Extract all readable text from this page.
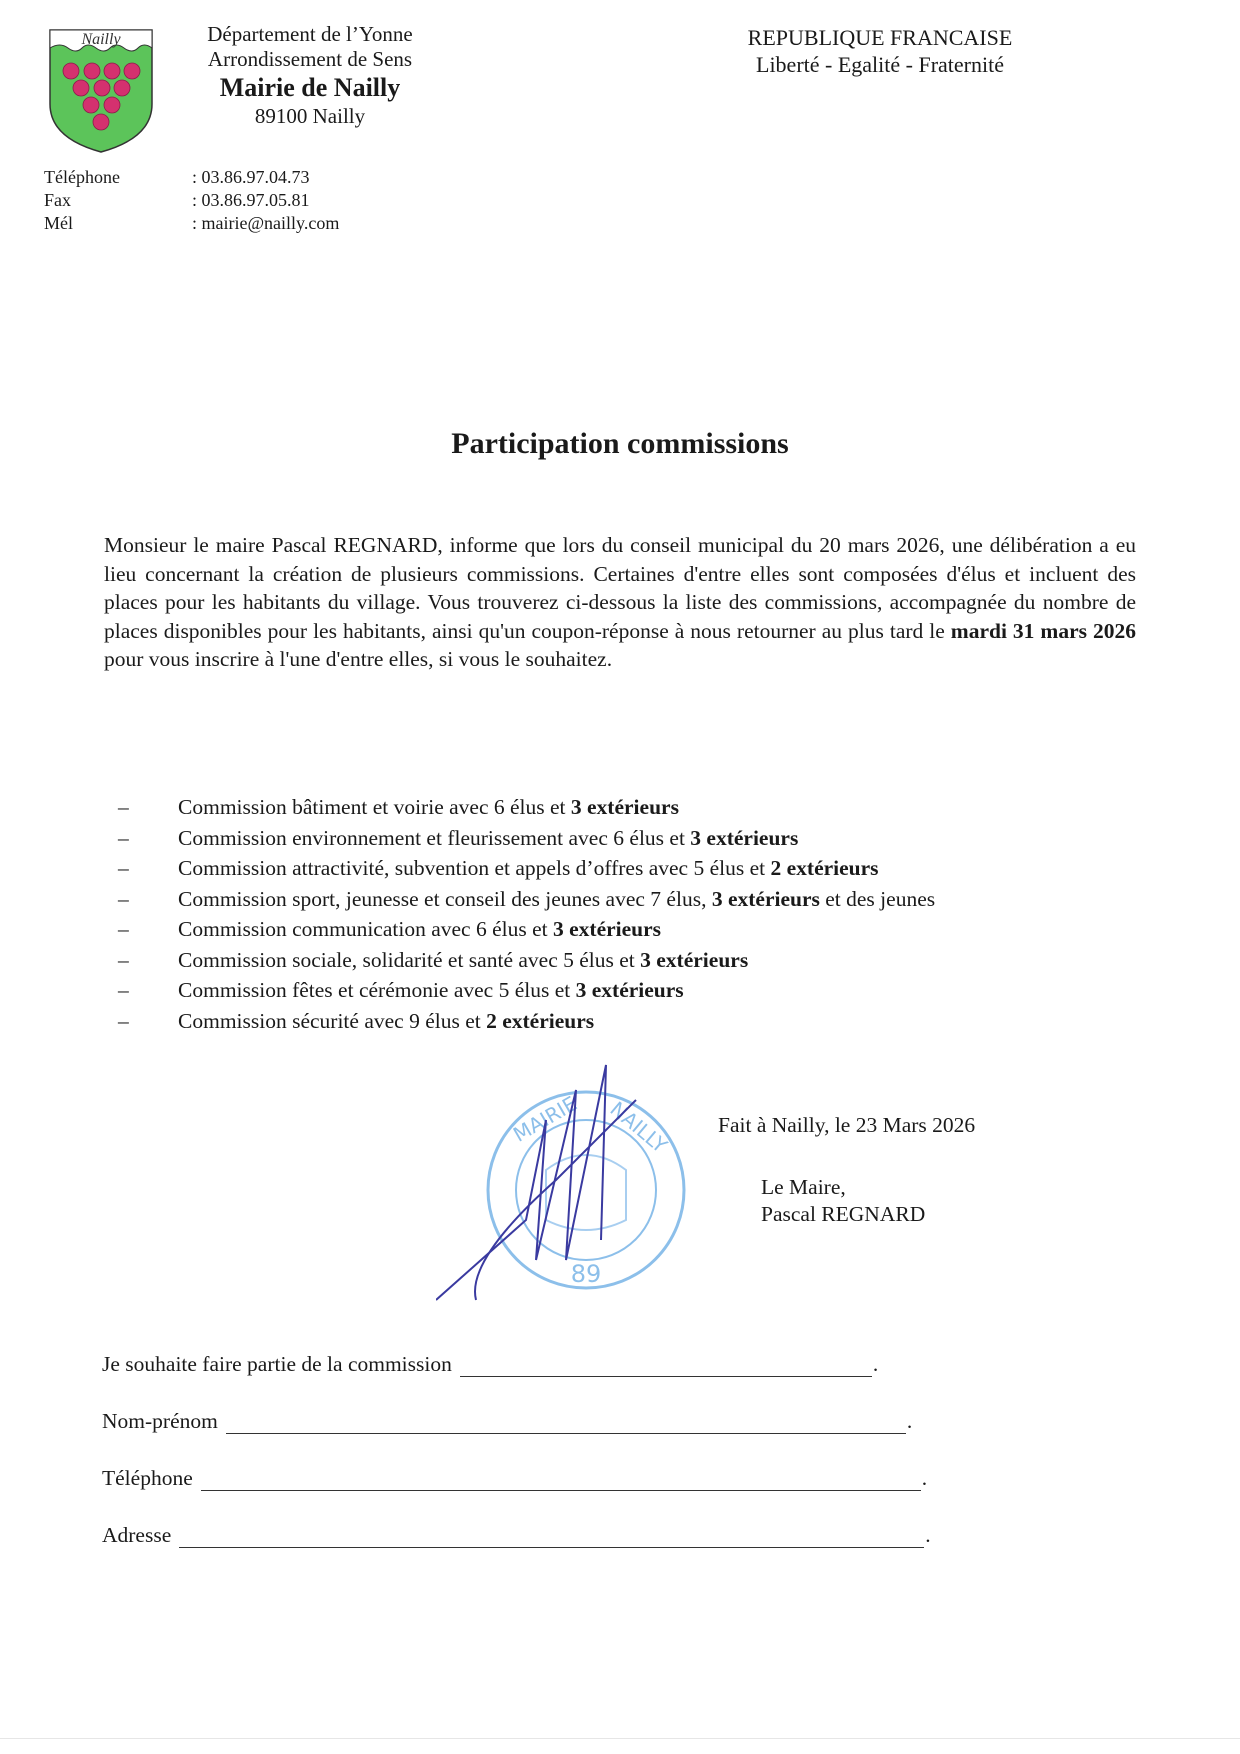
Nailly	Département de l’Yonne
Arrondissement de Sens
Mairie de Nailly
89100 Nailly
REPUBLIQUE FRANCAISE
Liberté - Egalité - Fraternité
Téléphone	: 03.86.97.04.73
Fax	: 03.86.97.05.81
Mél	: mairie@nailly.com
Participation commissions
Monsieur le maire Pascal REGNARD, informe que lors du conseil municipal du 20 mars 2026, une délibération a eu lieu concernant la création de plusieurs commissions. Certaines d'entre elles sont composées d'élus et incluent des places pour les habitants du village. Vous trouverez ci-dessous la liste des commissions, accompagnée du nombre de places disponibles pour les habitants, ainsi qu'un coupon-réponse à nous retourner au plus tard le mardi 31 mars 2026 pour vous inscrire à l'une d'entre elles, si vous le souhaitez.
–	Commission bâtiment et voirie avec 6 élus et 3 extérieurs
–	Commission environnement et fleurissement avec 6 élus et 3 extérieurs
–	Commission attractivité, subvention et appels d’offres avec 5 élus et 2 extérieurs
–	Commission sport, jeunesse et conseil des jeunes avec 7 élus, 3 extérieurs et des jeunes
–	Commission communication avec 6 élus et 3 extérieurs
–	Commission sociale, solidarité et santé avec 5 élus et 3 extérieurs
–	Commission fêtes et cérémonie avec 5 élus et 3 extérieurs
–	Commission sécurité avec 9 élus et 2 extérieurs
MAIRIE NAILLY
89
Fait à Nailly, le 23 Mars 2026
Le Maire,
Pascal REGNARD
Je souhaite faire partie de la commission	.
Nom-prénom	.
Téléphone	.
Adresse	.
